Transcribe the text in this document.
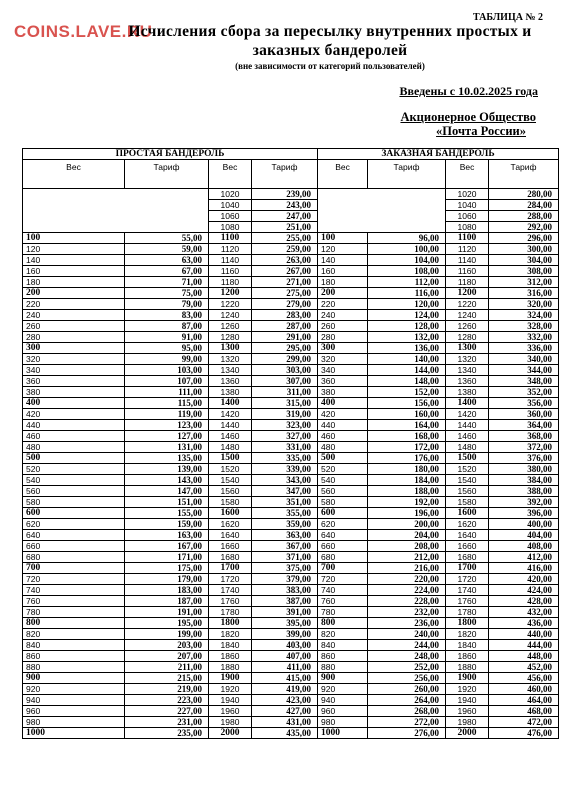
COINS.LAVE.RU
ТАБЛИЦА № 2
Исчисления сбора за пересылку внутренних простых и заказных бандеролей
(вне зависимости от категорий пользователей)
Введены с 10.02.2025 года
Акционерное Общество
«Почта России»
ПРОСТАЯ БАНДЕРОЛЬ				ЗАКАЗНАЯ БАНДЕРОЛЬ			
Вес	Тариф	Вес	Тариф	Вес	Тариф	Вес	Тариф
		1020	239,00			1020	280,00
		1040	243,00			1040	284,00
		1060	247,00			1060	288,00
		1080	251,00			1080	292,00
100	55,00	1100	255,00	100	96,00	1100	296,00
120	59,00	1120	259,00	120	100,00	1120	300,00
140	63,00	1140	263,00	140	104,00	1140	304,00
160	67,00	1160	267,00	160	108,00	1160	308,00
180	71,00	1180	271,00	180	112,00	1180	312,00
200	75,00	1200	275,00	200	116,00	1200	316,00
220	79,00	1220	279,00	220	120,00	1220	320,00
240	83,00	1240	283,00	240	124,00	1240	324,00
260	87,00	1260	287,00	260	128,00	1260	328,00
280	91,00	1280	291,00	280	132,00	1280	332,00
300	95,00	1300	295,00	300	136,00	1300	336,00
320	99,00	1320	299,00	320	140,00	1320	340,00
340	103,00	1340	303,00	340	144,00	1340	344,00
360	107,00	1360	307,00	360	148,00	1360	348,00
380	111,00	1380	311,00	380	152,00	1380	352,00
400	115,00	1400	315,00	400	156,00	1400	356,00
420	119,00	1420	319,00	420	160,00	1420	360,00
440	123,00	1440	323,00	440	164,00	1440	364,00
460	127,00	1460	327,00	460	168,00	1460	368,00
480	131,00	1480	331,00	480	172,00	1480	372,00
500	135,00	1500	335,00	500	176,00	1500	376,00
520	139,00	1520	339,00	520	180,00	1520	380,00
540	143,00	1540	343,00	540	184,00	1540	384,00
560	147,00	1560	347,00	560	188,00	1560	388,00
580	151,00	1580	351,00	580	192,00	1580	392,00
600	155,00	1600	355,00	600	196,00	1600	396,00
620	159,00	1620	359,00	620	200,00	1620	400,00
640	163,00	1640	363,00	640	204,00	1640	404,00
660	167,00	1660	367,00	660	208,00	1660	408,00
680	171,00	1680	371,00	680	212,00	1680	412,00
700	175,00	1700	375,00	700	216,00	1700	416,00
720	179,00	1720	379,00	720	220,00	1720	420,00
740	183,00	1740	383,00	740	224,00	1740	424,00
760	187,00	1760	387,00	760	228,00	1760	428,00
780	191,00	1780	391,00	780	232,00	1780	432,00
800	195,00	1800	395,00	800	236,00	1800	436,00
820	199,00	1820	399,00	820	240,00	1820	440,00
840	203,00	1840	403,00	840	244,00	1840	444,00
860	207,00	1860	407,00	860	248,00	1860	448,00
880	211,00	1880	411,00	880	252,00	1880	452,00
900	215,00	1900	415,00	900	256,00	1900	456,00
920	219,00	1920	419,00	920	260,00	1920	460,00
940	223,00	1940	423,00	940	264,00	1940	464,00
960	227,00	1960	427,00	960	268,00	1960	468,00
980	231,00	1980	431,00	980	272,00	1980	472,00
1000	235,00	2000	435,00	1000	276,00	2000	476,00
